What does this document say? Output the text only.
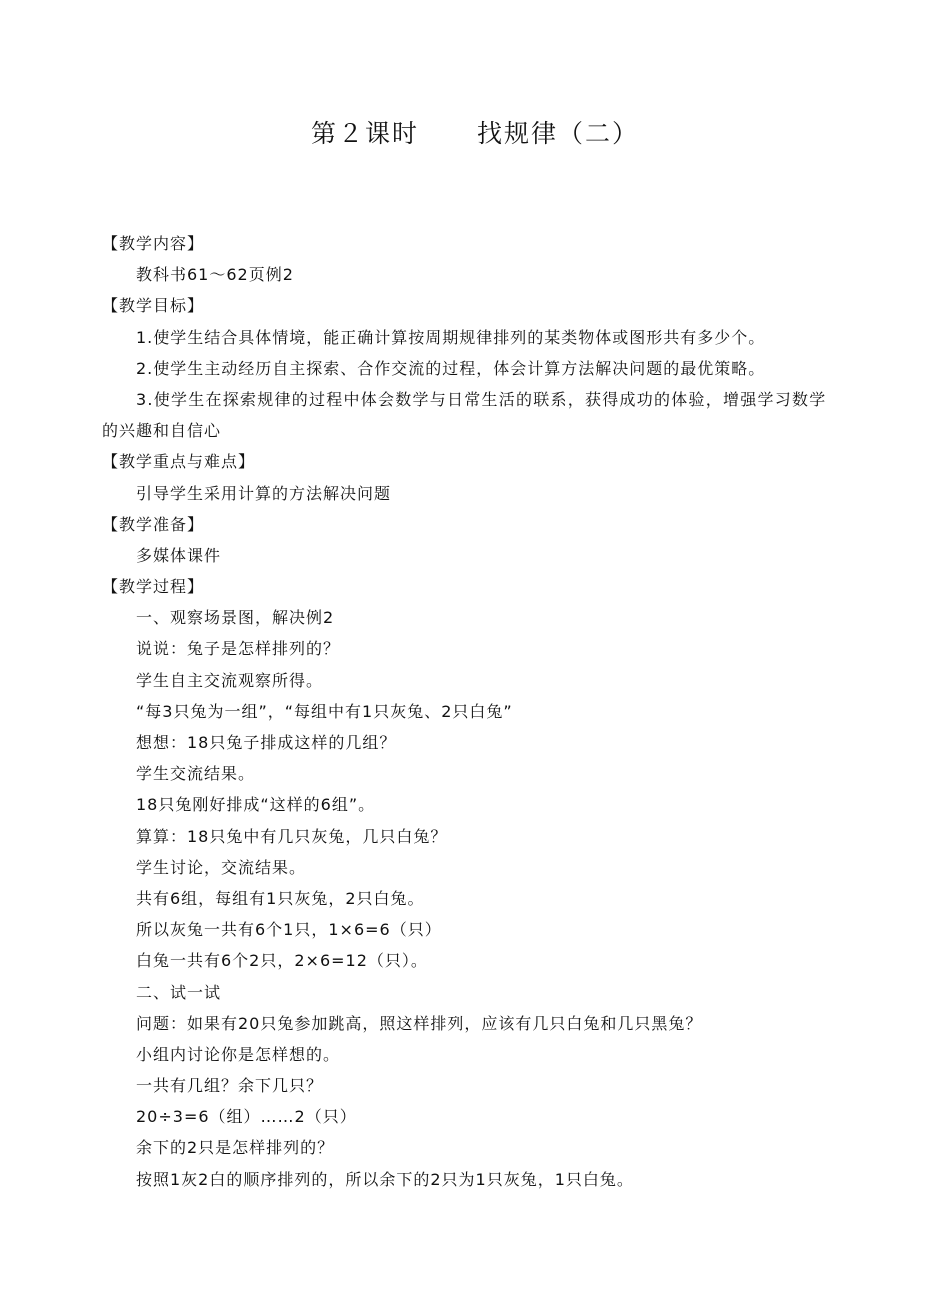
第２课时 找规律（二）
【教学内容】
教科书61～62页例2
【教学目标】
1.使学生结合具体情境，能正确计算按周期规律排列的某类物体或图形共有多少个。
2.使学生主动经历自主探索、合作交流的过程，体会计算方法解决问题的最优策略。
3.使学生在探索规律的过程中体会数学与日常生活的联系，获得成功的体验，增强学习数学
的兴趣和自信心
【教学重点与难点】
引导学生采用计算的方法解决问题
【教学准备】
多媒体课件
【教学过程】
一、观察场景图，解决例2
说说：兔子是怎样排列的？
学生自主交流观察所得。
“每3只兔为一组”，“每组中有1只灰兔、2只白兔”
想想：18只兔子排成这样的几组？
学生交流结果。
18只兔刚好排成“这样的6组”。
算算：18只兔中有几只灰兔，几只白兔？
学生讨论，交流结果。
共有6组，每组有1只灰兔，2只白兔。
所以灰兔一共有6个1只，1×6=6（只）
白兔一共有6个2只，2×6=12（只）。
二、试一试
问题：如果有20只兔参加跳高，照这样排列，应该有几只白兔和几只黑兔？
小组内讨论你是怎样想的。
一共有几组？余下几只？
20÷3=6（组）……2（只）
余下的2只是怎样排列的？
按照1灰2白的顺序排列的，所以余下的2只为1只灰兔，1只白兔。
